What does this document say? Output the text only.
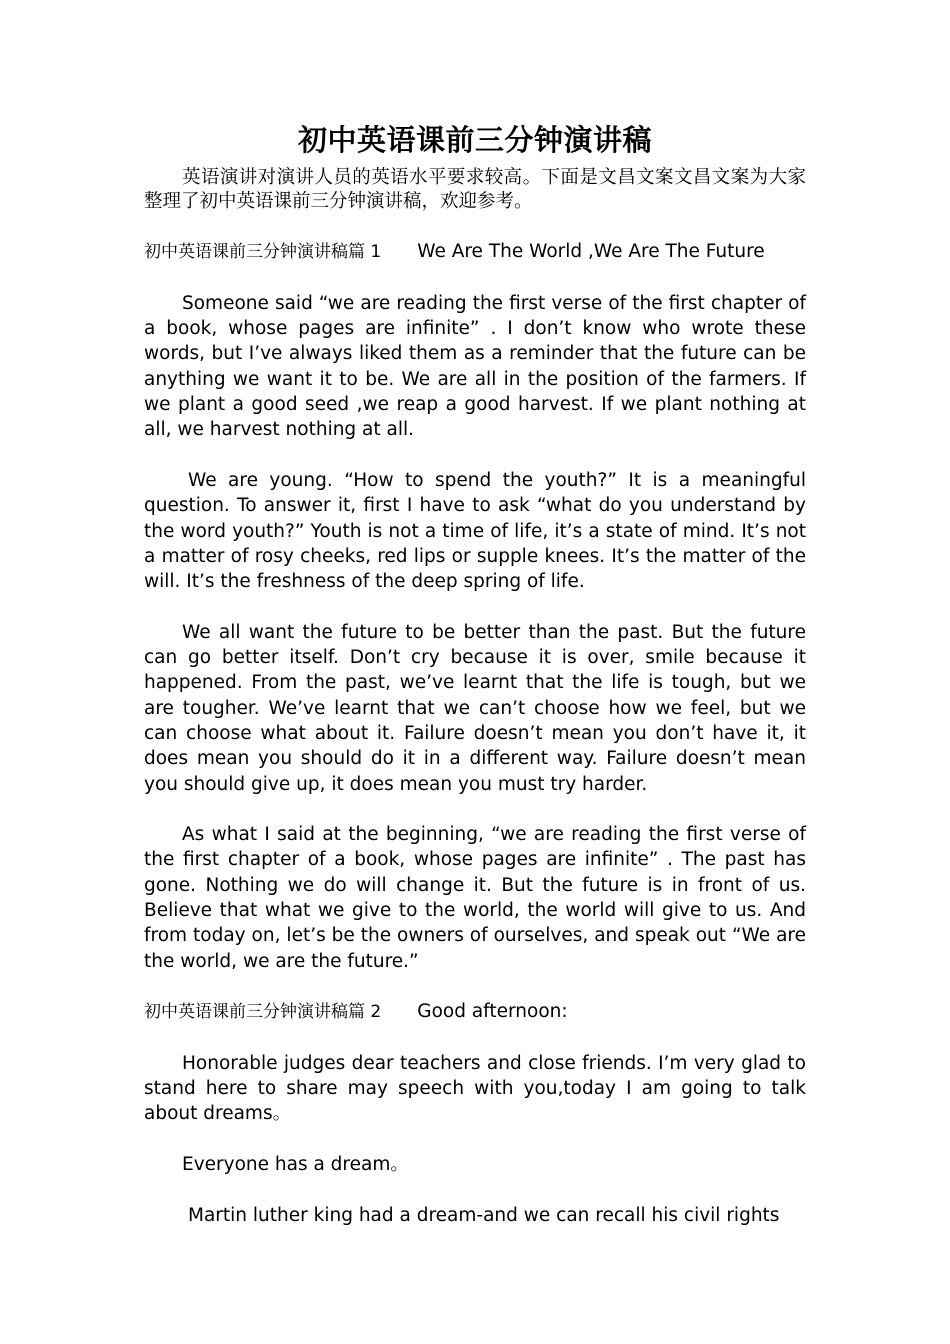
初中英语课前三分钟演讲稿

英语演讲对演讲人员的英语水平要求较高。下面是文昌文案文昌文案为大家整理了初中英语课前三分钟演讲稿，欢迎参考。

初中英语课前三分钟演讲稿篇 1 We Are The World ,We Are The Future

Someone said “we are reading the first verse of the first chapter of a book, whose pages are infinite” . I don’t know who wrote these words, but I’ve always liked them as a reminder that the future can be anything we want it to be. We are all in the position of the farmers. If we plant a good seed ,we reap a good harvest. If we plant nothing at all, we harvest nothing at all.

We are young. “How to spend the youth?” It is a meaningful question. To answer it, first I have to ask “what do you understand by the word youth?” Youth is not a time of life, it’s a state of mind. It’s not a matter of rosy cheeks, red lips or supple knees. It’s the matter of the will. It’s the freshness of the deep spring of life.

We all want the future to be better than the past. But the future can go better itself. Don’t cry because it is over, smile because it happened. From the past, we’ve learnt that the life is tough, but we are tougher. We’ve learnt that we can’t choose how we feel, but we can choose what about it. Failure doesn’t mean you don’t have it, it does mean you should do it in a different way. Failure doesn’t mean you should give up, it does mean you must try harder.

As what I said at the beginning, “we are reading the first verse of the first chapter of a book, whose pages are infinite” . The past has gone. Nothing we do will change it. But the future is in front of us. Believe that what we give to the world, the world will give to us. And from today on, let’s be the owners of ourselves, and speak out “We are the world, we are the future.”

初中英语课前三分钟演讲稿篇 2 Good afternoon:

Honorable judges dear teachers and close friends. I’m very glad to stand here to share may speech with you,today I am going to talk about dreams。

Everyone has a dream。

Martin luther king had a dream-and we can recall his civil rights
